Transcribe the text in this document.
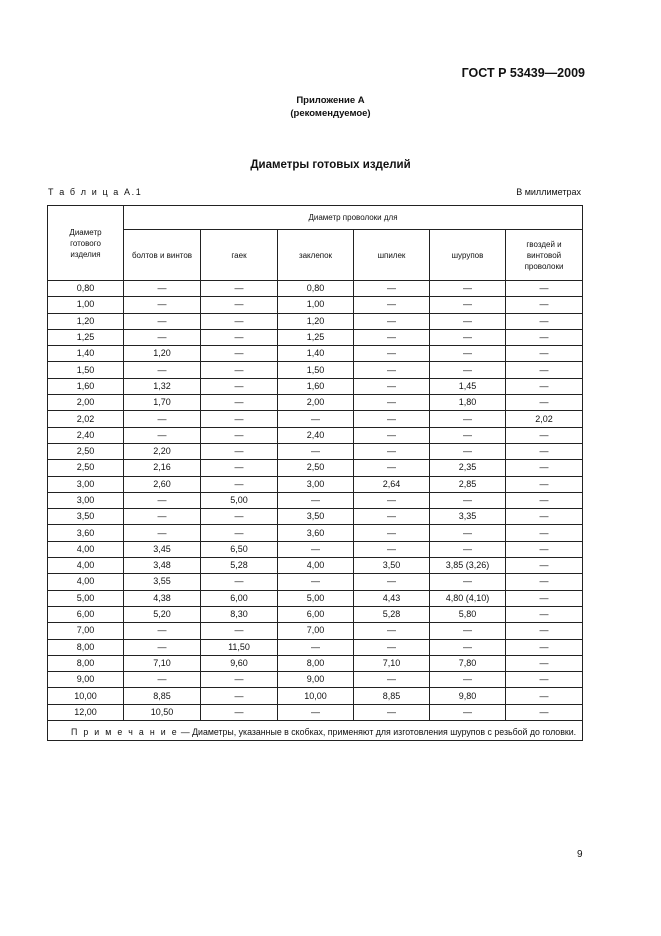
ГОСТ Р 53439—2009
Приложение А
(рекомендуемое)
Диаметры готовых изделий
Т а б л и ц а А.1	В миллиметрах
Диаметр готового изделия	Диаметр проволоки для					
	болтов и винтов	гаек	заклепок	шпилек	шурупов	гвоздей и винтовой проволоки
0,80	—	—	0,80	—	—	—
1,00	—	—	1,00	—	—	—
1,20	—	—	1,20	—	—	—
1,25	—	—	1,25	—	—	—
1,40	1,20	—	1,40	—	—	—
1,50	—	—	1,50	—	—	—
1,60	1,32	—	1,60	—	1,45	—
2,00	1,70	—	2,00	—	1,80	—
2,02	—	—	—	—	—	2,02
2,40	—	—	2,40	—	—	—
2,50	2,20	—	—	—	—	—
2,50	2,16	—	2,50	—	2,35	—
3,00	2,60	—	3,00	2,64	2,85	—
3,00	—	5,00	—	—	—	—
3,50	—	—	3,50	—	3,35	—
3,60	—	—	3,60	—	—	—
4,00	3,45	6,50	—	—	—	—
4,00	3,48	5,28	4,00	3,50	3,85 (3,26)	—
4,00	3,55	—	—	—	—	—
5,00	4,38	6,00	5,00	4,43	4,80 (4,10)	—
6,00	5,20	8,30	6,00	5,28	5,80	—
7,00	—	—	7,00	—	—	—
8,00	—	11,50	—	—	—	—
8,00	7,10	9,60	8,00	7,10	7,80	—
9,00	—	—	9,00	—	—	—
10,00	8,85	—	10,00	8,85	9,80	—
12,00	10,50	—	—	—	—	—
П р и м е ч а н и е — Диаметры, указанные в скобках, применяют для изготовления шурупов с резьбой до головки.						
9
